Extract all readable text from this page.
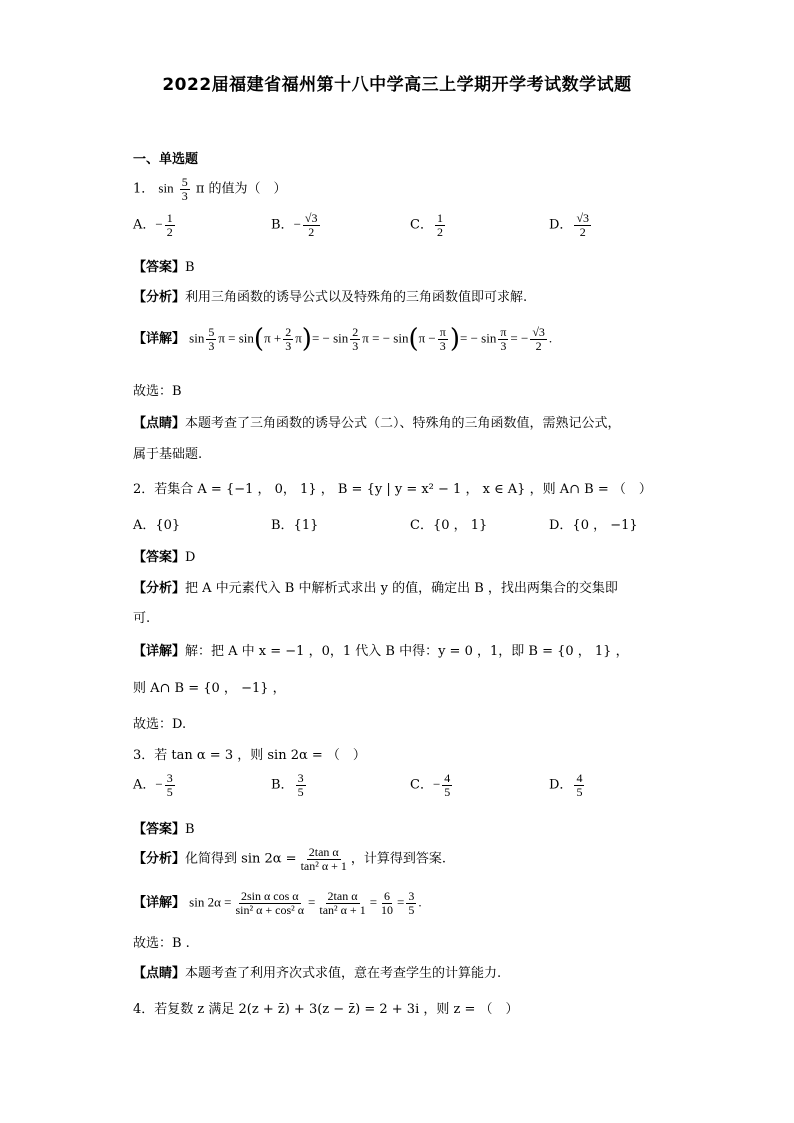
2022届福建省福州第十八中学高三上学期开学考试数学试题
一、单选题
1． $\sin \frac{5}{3}$ π 的值为（　）
A．− $\frac{1}{2}$	B．− $\frac{√3}{2}$	C． $\frac{1}{2}$	D． $\frac{√3}{2}$
【答案】B
【分析】利用三角函数的诱导公式以及特殊角的三角函数值即可求解.
【详解】 $\sin \frac{5}{3}$ $\pi = \sin(\pi + \frac{2}{3} \pi)= - \sin \frac{2}{3}$ π = − $\sin(\pi - \frac{\pi}{3}$ )= − $\sin \frac{\pi}{3}$ = − $\frac{√3}{2}$ .
故选：B
【点睛】本题考查了三角函数的诱导公式（二）、特殊角的三角函数值，需熟记公式，
属于基础题.
2．若集合 A = {−1 ， 0， 1} ， B = {y | y = x² − 1 ， x ∈ A} ，则 A∩ B = （　）
A．{0}	B．{1}	C．{0 ， 1}	D．{0 ， −1}
【答案】D
【分析】把 A 中元素代入 B 中解析式求出 y 的值，确定出 B ，找出两集合的交集即
可.
【详解】解：把 A 中 x = −1 ，0，1 代入 B 中得：y = 0 ，1，即 B = {0 ， 1} ，
则 A∩ B = {0 ， −1} ，
故选：D.
3．若 tan α = 3 ，则 sin 2α = （　）
A．− $\frac{3}{5}$	B． $\frac{3}{5}$	C．− $\frac{4}{5}$	D． $\frac{4}{5}$
【答案】B
【分析】化简得到 $\sin 2\alpha = \frac{\text{2tan α}}{\text{tan² α + 1}}$ ，计算得到答案.
【详解】 $\sin 2\alpha = \frac{\text{2sin α cos α}}{\text{sin² α + cos² α}} = \frac{\text{2tan α}}{\text{tan² α + 1}} = \frac{6}{10} = \frac{3}{5}$ .
故选：B .
【点睛】本题考查了利用齐次式求值，意在考查学生的计算能力.
4．若复数 z 满足 2(z + z̄) + 3(z − z̄) = 2 + 3i ，则 z = （　）
